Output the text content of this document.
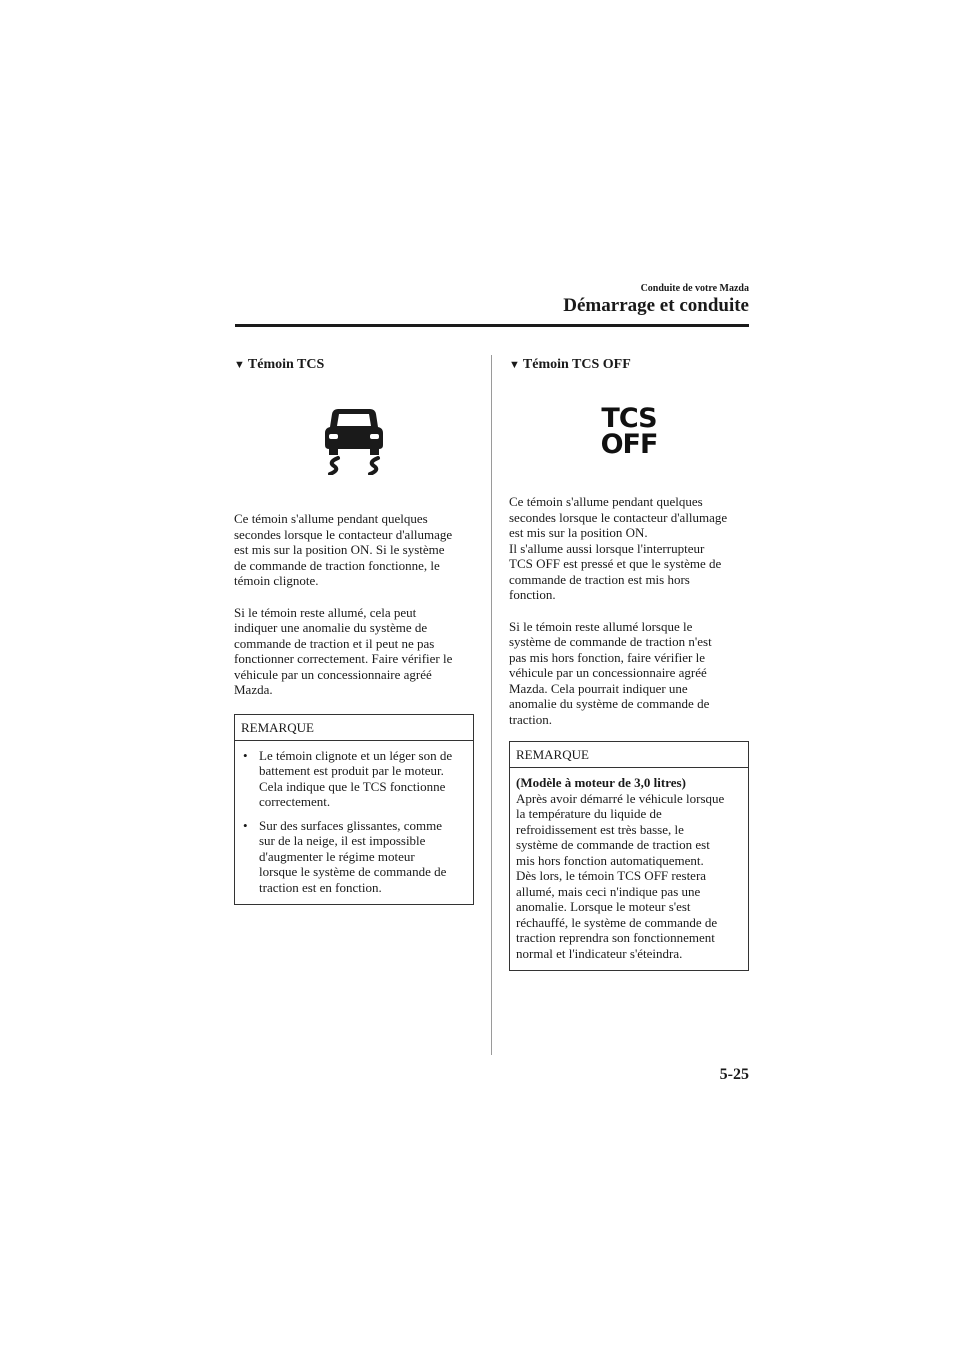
Conduite de votre Mazda
Démarrage et conduite
▼ Témoin TCS

Ce témoin s'allume pendant quelques
secondes lorsque le contacteur d'allumage
est mis sur la position ON. Si le système
de commande de traction fonctionne, le
témoin clignote.

Si le témoin reste allumé, cela peut
indiquer une anomalie du système de
commande de traction et il peut ne pas
fonctionner correctement. Faire vérifier le
véhicule par un concessionnaire agréé
Mazda.

REMARQUE
• Le témoin clignote et un léger son de
battement est produit par le moteur.
Cela indique que le TCS fonctionne
correctement.
• Sur des surfaces glissantes, comme
sur de la neige, il est impossible
d'augmenter le régime moteur
lorsque le système de commande de
traction est en fonction.
▼ Témoin TCS OFF
TCS
OFF

Ce témoin s'allume pendant quelques
secondes lorsque le contacteur d'allumage
est mis sur la position ON.
Il s'allume aussi lorsque l'interrupteur
TCS OFF est pressé et que le système de
commande de traction est mis hors
fonction.

Si le témoin reste allumé lorsque le
système de commande de traction n'est
pas mis hors fonction, faire vérifier le
véhicule par un concessionnaire agréé
Mazda. Cela pourrait indiquer une
anomalie du système de commande de
traction.

REMARQUE
(Modèle à moteur de 3,0 litres)
Après avoir démarré le véhicule lorsque
la température du liquide de
refroidissement est très basse, le
système de commande de traction est
mis hors fonction automatiquement.
Dès lors, le témoin TCS OFF restera
allumé, mais ceci n'indique pas une
anomalie. Lorsque le moteur s'est
réchauffé, le système de commande de
traction reprendra son fonctionnement
normal et l'indicateur s'éteindra.
5-25
